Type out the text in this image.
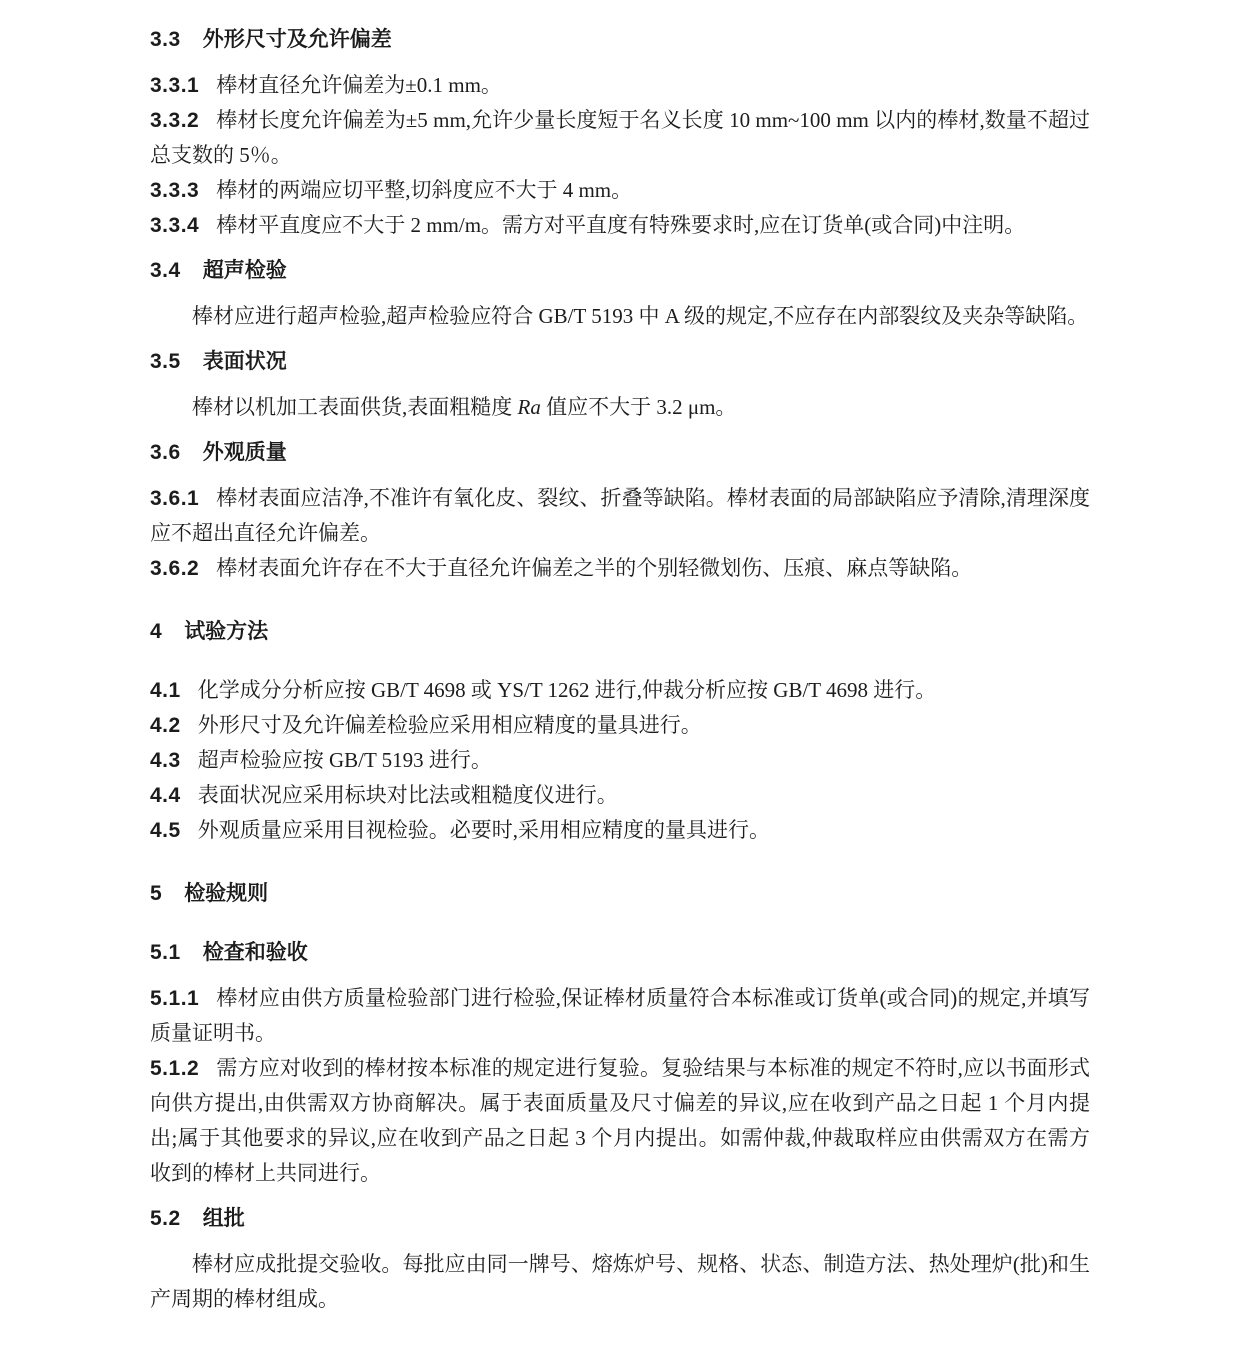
3.3 外形尺寸及允许偏差

3.3.1 棒材直径允许偏差为±0.1 mm。

3.3.2 棒材长度允许偏差为±5 mm,允许少量长度短于名义长度 10 mm~100 mm 以内的棒材,数量不超过总支数的 5％。

3.3.3 棒材的两端应切平整,切斜度应不大于 4 mm。

3.3.4 棒材平直度应不大于 2 mm/m。需方对平直度有特殊要求时,应在订货单(或合同)中注明。

3.4 超声检验

棒材应进行超声检验,超声检验应符合 GB/T 5193 中 A 级的规定,不应存在内部裂纹及夹杂等缺陷。

3.5 表面状况

棒材以机加工表面供货,表面粗糙度 Ra 值应不大于 3.2 μm。

3.6 外观质量

3.6.1 棒材表面应洁净,不准许有氧化皮、裂纹、折叠等缺陷。棒材表面的局部缺陷应予清除,清理深度应不超出直径允许偏差。

3.6.2 棒材表面允许存在不大于直径允许偏差之半的个别轻微划伤、压痕、麻点等缺陷。

4 试验方法

4.1 化学成分分析应按 GB/T 4698 或 YS/T 1262 进行,仲裁分析应按 GB/T 4698 进行。

4.2 外形尺寸及允许偏差检验应采用相应精度的量具进行。

4.3 超声检验应按 GB/T 5193 进行。

4.4 表面状况应采用标块对比法或粗糙度仪进行。

4.5 外观质量应采用目视检验。必要时,采用相应精度的量具进行。

5 检验规则
5.1 检查和验收

5.1.1 棒材应由供方质量检验部门进行检验,保证棒材质量符合本标准或订货单(或合同)的规定,并填写质量证明书。

5.1.2 需方应对收到的棒材按本标准的规定进行复验。复验结果与本标准的规定不符时,应以书面形式向供方提出,由供需双方协商解决。属于表面质量及尺寸偏差的异议,应在收到产品之日起 1 个月内提出;属于其他要求的异议,应在收到产品之日起 3 个月内提出。如需仲裁,仲裁取样应由供需双方在需方收到的棒材上共同进行。

5.2 组批

棒材应成批提交验收。每批应由同一牌号、熔炼炉号、规格、状态、制造方法、热处理炉(批)和生产周期的棒材组成。
